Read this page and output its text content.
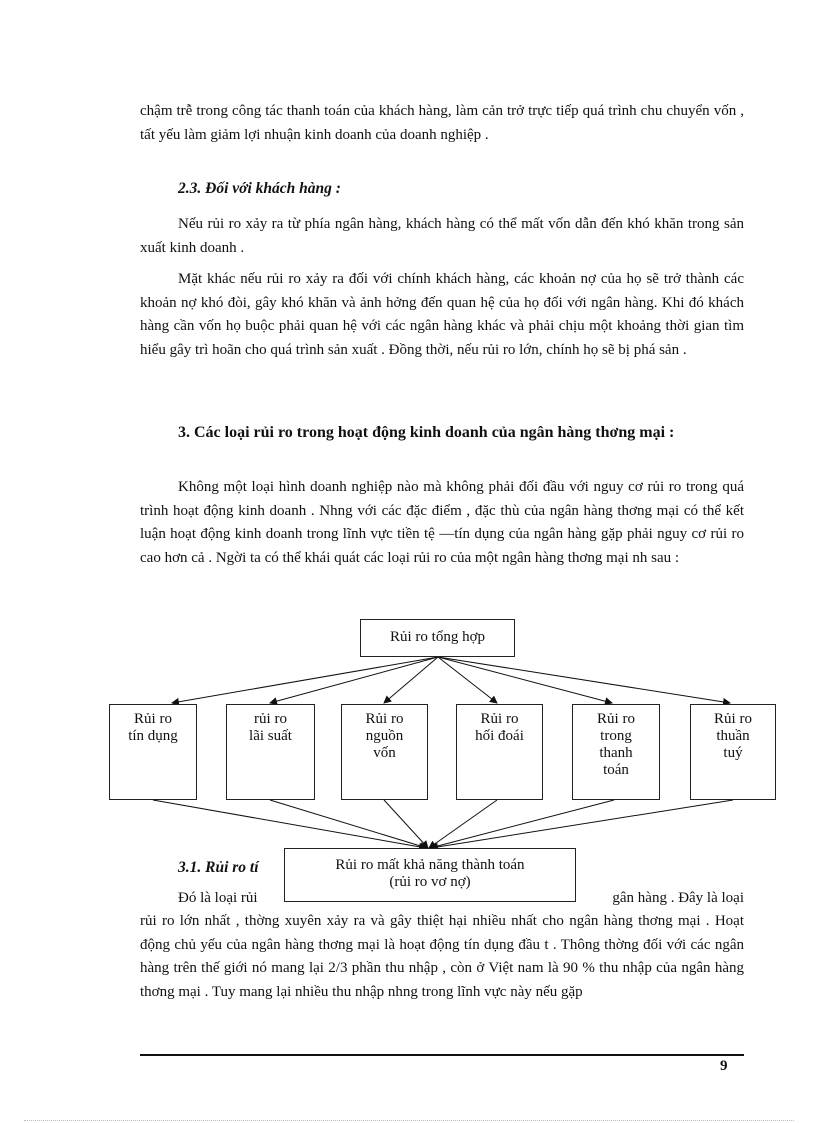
chậm trễ trong công tác thanh toán của khách hàng, làm cản trở trực tiếp quá trình chu chuyển vốn , tất yếu làm giảm lợi nhuận kinh doanh của doanh nghiệp .

2.3. Đối với khách hàng :

Nếu rủi ro xảy ra từ phía ngân hàng, khách hàng có thể mất vốn dẫn đến khó khăn trong sản xuất kinh doanh .

Mặt khác nếu rủi ro xảy ra đối với chính khách hàng, các khoản nợ của họ sẽ trở thành các khoản nợ khó đòi, gây khó khăn và ảnh hởng đến quan hệ của họ đối với ngân hàng. Khi đó khách hàng cần vốn họ buộc phải quan hệ với các ngân hàng khác và phải chịu một khoảng thời gian tìm hiểu gây trì hoãn cho quá trình sản xuất . Đồng thời, nếu rủi ro lớn, chính họ sẽ bị phá sản .

3. Các loại rủi ro trong hoạt động kinh doanh của ngân hàng thơng mại :

Không một loại hình doanh nghiệp nào mà không phải đối đầu với nguy cơ rủi ro trong quá trình hoạt động kinh doanh . Nhng với các đặc điểm , đặc thù của ngân hàng thơng mại có thể kết luận hoạt động kinh doanh trong lĩnh vực tiền tệ —tín dụng của ngân hàng gặp phải nguy cơ rủi ro cao hơn cả . Ngời ta có thể khái quát các loại rủi ro của một ngân hàng thơng mại nh sau :

Rủi ro tổng hợp
Rủi ro
tín dụng
rủi ro
lãi suất
Rủi ro
nguồn
vốn
Rủi ro
hối đoái
Rủi ro
trong
thanh
toán
Rủi ro
thuần
tuý

3.1. Rủi ro tí

Đó là loại rủi	gân hàng . Đây là loại

Rủi ro mất khả năng thành toán
(rủi ro vơ nợ)

rủi ro lớn nhất , thờng xuyên xảy ra và gây thiệt hại nhiều nhất cho ngân hàng thơng mại . Hoạt động chủ yếu của ngân hàng thơng mại là hoạt động tín dụng đầu t . Thông thờng đối với các ngân hàng trên thế giới nó mang lại 2/3 phần thu nhập , còn ở Việt nam là 90 % thu nhập của ngân hàng thơng mại . Tuy mang lại nhiều thu nhập nhng trong lĩnh vực này nếu gặp

9
